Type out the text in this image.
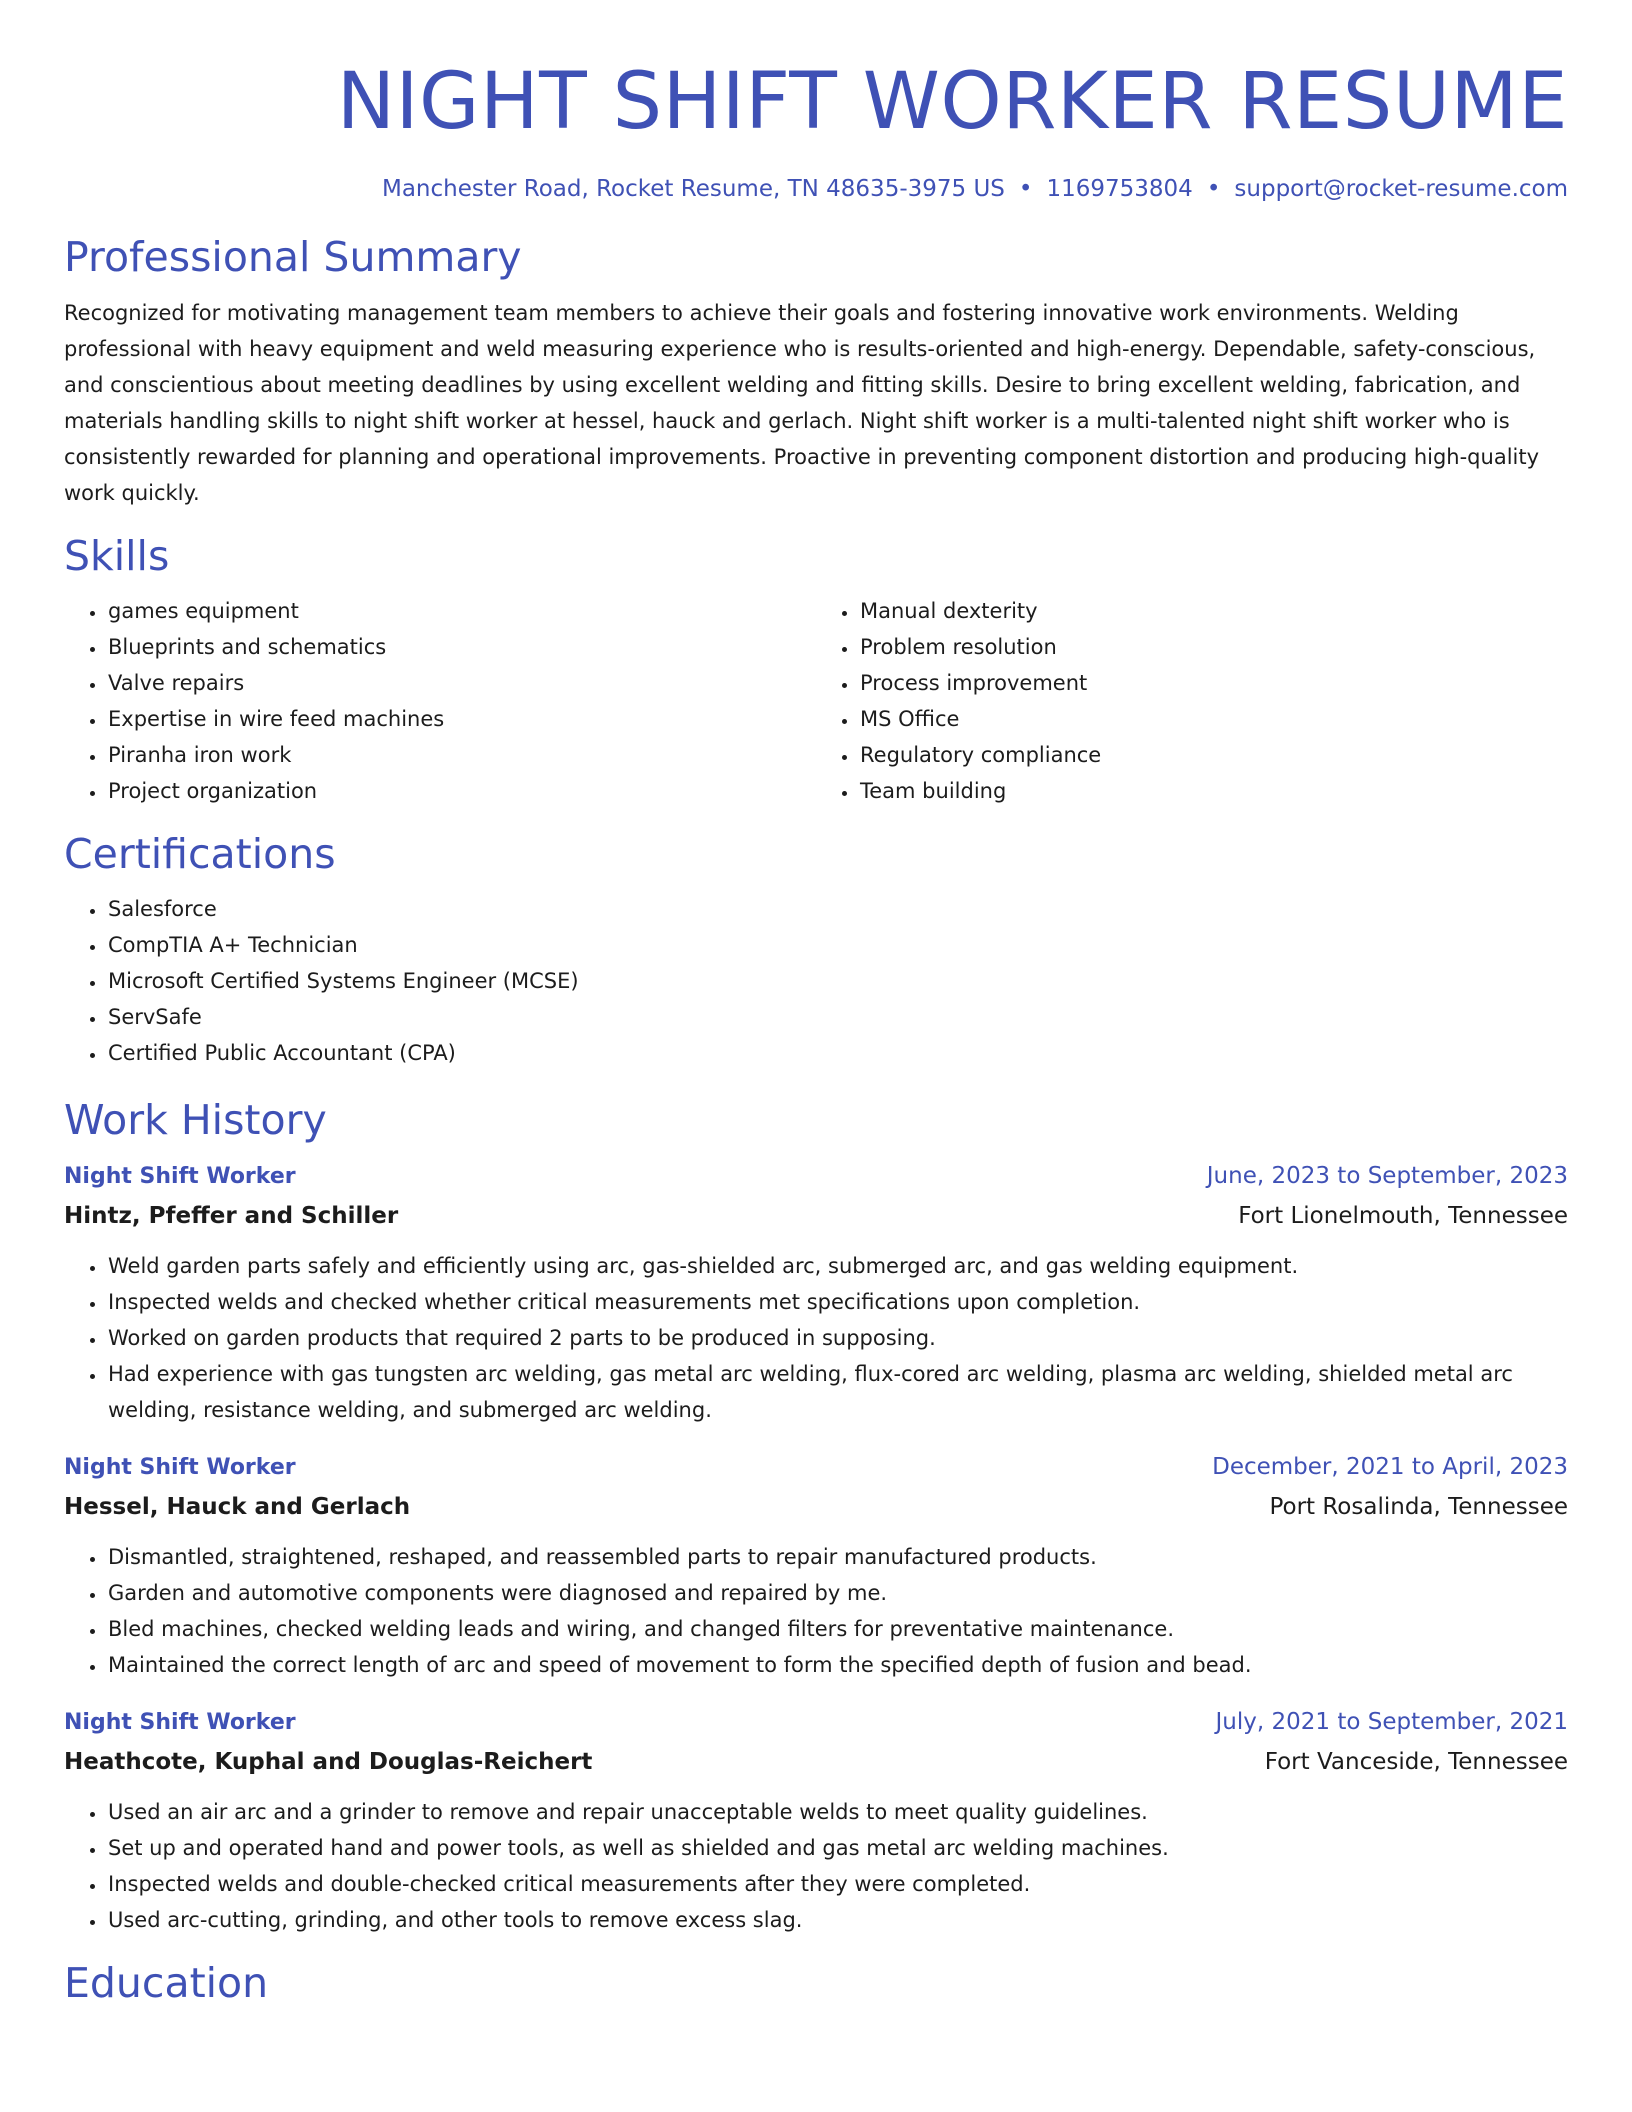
NIGHT SHIFT WORKER RESUME
Manchester Road, Rocket Resume, TN 48635-3975 US • 1169753804 • support@rocket-resume.com
Professional Summary

Recognized for motivating management team members to achieve their goals and fostering innovative work environments. Welding professional with heavy equipment and weld measuring experience who is results-oriented and high-energy. Dependable, safety-conscious, and conscientious about meeting deadlines by using excellent welding and fitting skills. Desire to bring excellent welding, fabrication, and materials handling skills to night shift worker at hessel, hauck and gerlach. Night shift worker is a multi-talented night shift worker who is consistently rewarded for planning and operational improvements. Proactive in preventing component distortion and producing high-quality work quickly.

Skills
• games equipment
• Blueprints and schematics
• Valve repairs
• Expertise in wire feed machines
• Piranha iron work
• Project organization
• Manual dexterity
• Problem resolution
• Process improvement
• MS Office
• Regulatory compliance
• Team building
Certifications
• Salesforce
• CompTIA A+ Technician
• Microsoft Certified Systems Engineer (MCSE)
• ServSafe
• Certified Public Accountant (CPA)
Work History
Night Shift Worker	June, 2023 to September, 2023
Hintz, Pfeffer and Schiller	Fort Lionelmouth, Tennessee
• Weld garden parts safely and efficiently using arc, gas-shielded arc, submerged arc, and gas welding equipment.
• Inspected welds and checked whether critical measurements met specifications upon completion.
• Worked on garden products that required 2 parts to be produced in supposing.
• Had experience with gas tungsten arc welding, gas metal arc welding, flux-cored arc welding, plasma arc welding, shielded metal arc welding, resistance welding, and submerged arc welding.
Night Shift Worker	December, 2021 to April, 2023
Hessel, Hauck and Gerlach	Port Rosalinda, Tennessee
• Dismantled, straightened, reshaped, and reassembled parts to repair manufactured products.
• Garden and automotive components were diagnosed and repaired by me.
• Bled machines, checked welding leads and wiring, and changed filters for preventative maintenance.
• Maintained the correct length of arc and speed of movement to form the specified depth of fusion and bead.
Night Shift Worker	July, 2021 to September, 2021
Heathcote, Kuphal and Douglas-Reichert	Fort Vanceside, Tennessee
• Used an air arc and a grinder to remove and repair unacceptable welds to meet quality guidelines.
• Set up and operated hand and power tools, as well as shielded and gas metal arc welding machines.
• Inspected welds and double-checked critical measurements after they were completed.
• Used arc-cutting, grinding, and other tools to remove excess slag.
Education
